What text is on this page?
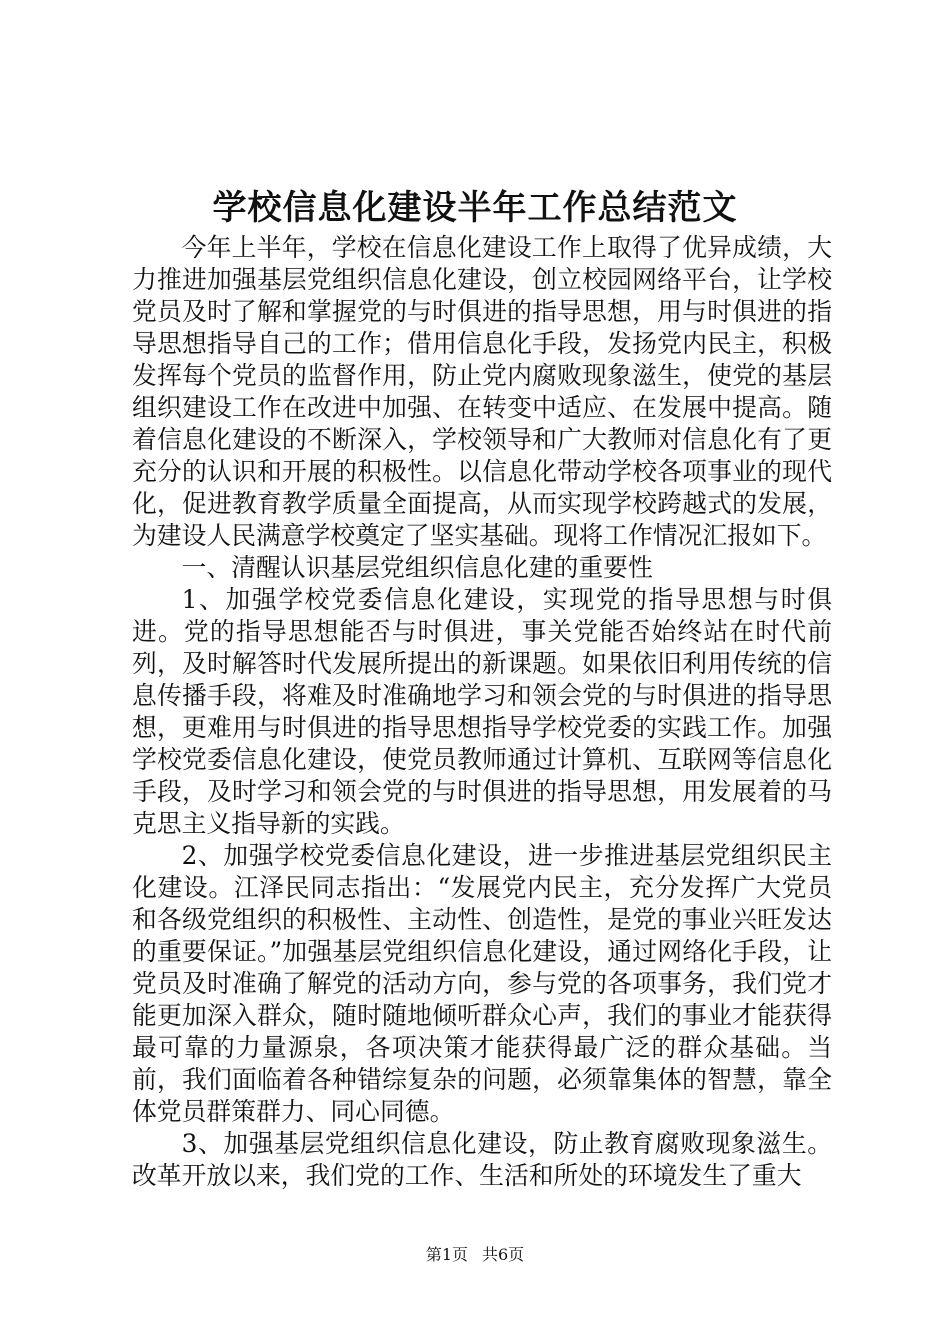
学校信息化建设半年工作总结范文

今年上半年，学校在信息化建设工作上取得了优异成绩，大力推进加强基层党组织信息化建设，创立校园网络平台，让学校党员及时了解和掌握党的与时俱进的指导思想，用与时俱进的指导思想指导自己的工作；借用信息化手段，发扬党内民主，积极发挥每个党员的监督作用，防止党内腐败现象滋生，使党的基层组织建设工作在改进中加强、在转变中适应、在发展中提高。随着信息化建设的不断深入，学校领导和广大教师对信息化有了更充分的认识和开展的积极性。以信息化带动学校各项事业的现代化，促进教育教学质量全面提高，从而实现学校跨越式的发展，为建设人民满意学校奠定了坚实基础。现将工作情况汇报如下。

一、清醒认识基层党组织信息化建的重要性

1、加强学校党委信息化建设，实现党的指导思想与时俱进。党的指导思想能否与时俱进，事关党能否始终站在时代前列，及时解答时代发展所提出的新课题。如果依旧利用传统的信息传播手段，将难及时准确地学习和领会党的与时俱进的指导思想，更难用与时俱进的指导思想指导学校党委的实践工作。加强学校党委信息化建设，使党员教师通过计算机、互联网等信息化手段，及时学习和领会党的与时俱进的指导思想，用发展着的马克思主义指导新的实践。

2、加强学校党委信息化建设，进一步推进基层党组织民主化建设。江泽民同志指出：“发展党内民主，充分发挥广大党员和各级党组织的积极性、主动性、创造性，是党的事业兴旺发达的重要保证。”加强基层党组织信息化建设，通过网络化手段，让党员及时准确了解党的活动方向，参与党的各项事务，我们党才能更加深入群众，随时随地倾听群众心声，我们的事业才能获得最可靠的力量源泉，各项决策才能获得最广泛的群众基础。当前，我们面临着各种错综复杂的问题，必须靠集体的智慧，靠全体党员群策群力、同心同德。

3、加强基层党组织信息化建设，防止教育腐败现象滋生。改革开放以来，我们党的工作、生活和所处的环境发生了重大

第1页 共6页
